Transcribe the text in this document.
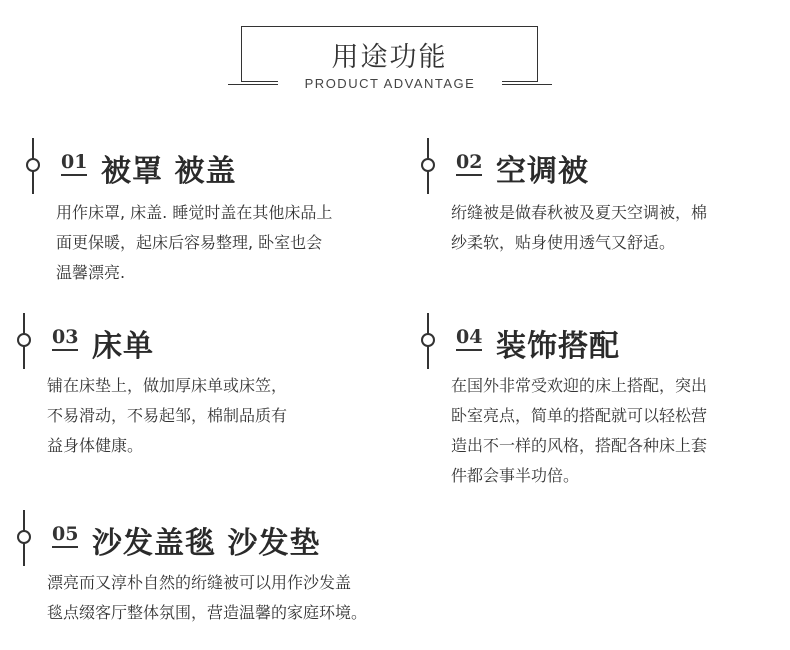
用途功能
PRODUCT ADVANTAGE
01 被罩 被盖
用作床罩, 床盖. 睡觉时盖在其他床品上
面更保暖，起床后容易整理, 卧室也会
温馨漂亮.
02 空调被
绗缝被是做春秋被及夏天空调被，棉
纱柔软，贴身使用透气又舒适。
03 床单
铺在床垫上，做加厚床单或床笠，
不易滑动，不易起邹，棉制品质有
益身体健康。
04 装饰搭配
在国外非常受欢迎的床上搭配，突出
卧室亮点，简单的搭配就可以轻松营
造出不一样的风格，搭配各种床上套
件都会事半功倍。
05 沙发盖毯 沙发垫
漂亮而又淳朴自然的绗缝被可以用作沙发盖
毯点缀客厅整体氛围，营造温馨的家庭环境。
